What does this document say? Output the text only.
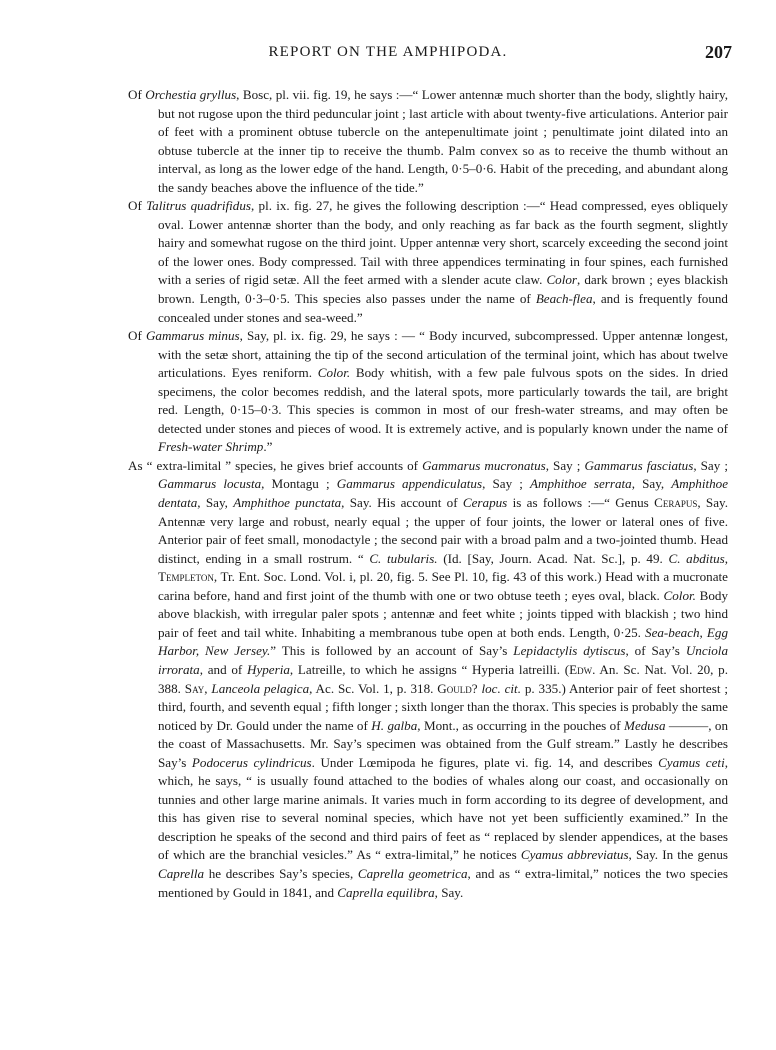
REPORT ON THE AMPHIPODA.	207

Of Orchestia gryllus, Bosc, pl. vii. fig. 19, he says :—“ Lower antennæ much shorter than the body, slightly hairy, but not rugose upon the third peduncular joint ; last article with about twenty-five articulations. Anterior pair of feet with a prominent obtuse tubercle on the antepenultimate joint ; penultimate joint dilated into an obtuse tubercle at the inner tip to receive the thumb. Palm convex so as to receive the thumb without an interval, as long as the lower edge of the hand. Length, 0·5–0·6. Habit of the preceding, and abundant along the sandy beaches above the influence of the tide.”

Of Talitrus quadrifidus, pl. ix. fig. 27, he gives the following description :—“ Head compressed, eyes obliquely oval. Lower antennæ shorter than the body, and only reaching as far back as the fourth segment, slightly hairy and somewhat rugose on the third joint. Upper antennæ very short, scarcely exceeding the second joint of the lower ones. Body compressed. Tail with three appendices terminating in four spines, each furnished with a series of rigid setæ. All the feet armed with a slender acute claw. Color, dark brown ; eyes blackish brown. Length, 0·3–0·5. This species also passes under the name of Beach-flea, and is frequently found concealed under stones and sea-weed.”

Of Gammarus minus, Say, pl. ix. fig. 29, he says : — “ Body incurved, subcompressed. Upper antennæ longest, with the setæ short, attaining the tip of the second articulation of the terminal joint, which has about twelve articulations. Eyes reniform. Color. Body whitish, with a few pale fulvous spots on the sides. In dried specimens, the color becomes reddish, and the lateral spots, more particularly towards the tail, are bright red. Length, 0·15–0·3. This species is common in most of our fresh-water streams, and may often be detected under stones and pieces of wood. It is extremely active, and is popularly known under the name of Fresh-water Shrimp.”

As “ extra-limital ” species, he gives brief accounts of Gammarus mucronatus, Say ; Gammarus fasciatus, Say ; Gammarus locusta, Montagu ; Gammarus appendiculatus, Say ; Amphithoe serrata, Say, Amphithoe dentata, Say, Amphithoe punctata, Say. His account of Cerapus is as follows :—“ Genus Cerapus, Say. Antennæ very large and robust, nearly equal ; the upper of four joints, the lower or lateral ones of five. Anterior pair of feet small, monodactyle ; the second pair with a broad palm and a two-jointed thumb. Head distinct, ending in a small rostrum. “ C. tubularis. (Id. [Say, Journ. Acad. Nat. Sc.], p. 49. C. abditus, Templeton, Tr. Ent. Soc. Lond. Vol. i, pl. 20, fig. 5. See Pl. 10, fig. 43 of this work.) Head with a mucronate carina before, hand and first joint of the thumb with one or two obtuse teeth ; eyes oval, black. Color. Body above blackish, with irregular paler spots ; antennæ and feet white ; joints tipped with blackish ; two hind pair of feet and tail white. Inhabiting a membranous tube open at both ends. Length, 0·25. Sea-beach, Egg Harbor, New Jersey.” This is followed by an account of Say’s Lepidactylis dytiscus, of Say’s Unciola irrorata, and of Hyperia, Latreille, to which he assigns “ Hyperia latreilli. (Edw. An. Sc. Nat. Vol. 20, p. 388. Say, Lanceola pelagica, Ac. Sc. Vol. 1, p. 318. Gould? loc. cit. p. 335.) Anterior pair of feet shortest ; third, fourth, and seventh equal ; fifth longer ; sixth longer than the thorax. This species is probably the same noticed by Dr. Gould under the name of H. galba, Mont., as occurring in the pouches of Medusa ———, on the coast of Massachusetts. Mr. Say’s specimen was obtained from the Gulf stream.” Lastly he describes Say’s Podocerus cylindricus. Under Lœmipoda he figures, plate vi. fig. 14, and describes Cyamus ceti, which, he says, “ is usually found attached to the bodies of whales along our coast, and occasionally on tunnies and other large marine animals. It varies much in form according to its degree of development, and this has given rise to several nominal species, which have not yet been sufficiently examined.” In the description he speaks of the second and third pairs of feet as “ replaced by slender appendices, at the bases of which are the branchial vesicles.” As “ extra-limital,” he notices Cyamus abbreviatus, Say. In the genus Caprella he describes Say’s species, Caprella geometrica, and as “ extra-limital,” notices the two species mentioned by Gould in 1841, and Caprella equilibra, Say.
